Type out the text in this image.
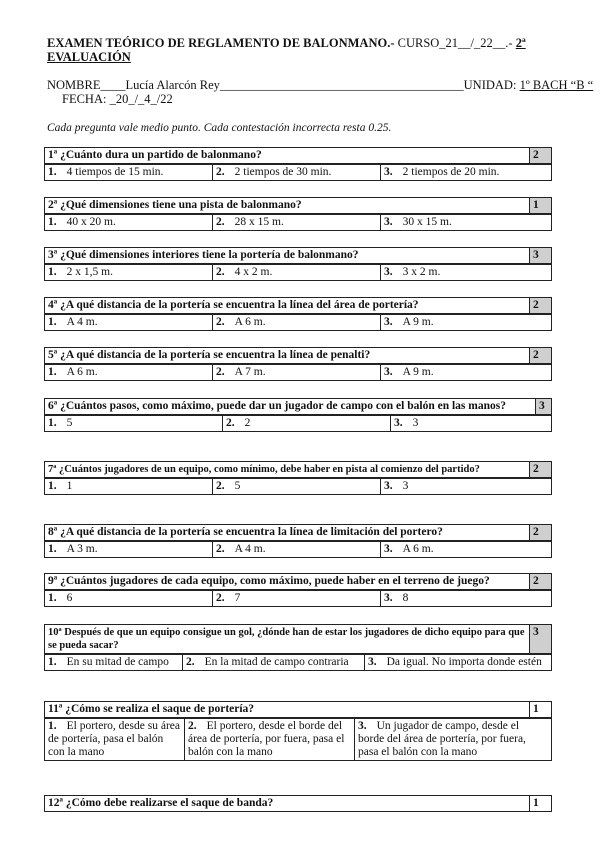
EXAMEN TEÓRICO DE REGLAMENTO DE BALONMANO.- CURSO_21__/_22__.- 2ª
EVALUACIÓN
NOMBRE____Lucía Alarcón Rey_______________________________________UNIDAD: 1º BACH “B “
FECHA: _20_/_4_/22
Cada pregunta vale medio punto. Cada contestación incorrecta resta 0.25.
1ª ¿Cuánto dura un partido de balonmano?			2
1. 4 tiempos de 15 min.	2. 2 tiempos de 30 min.	3. 2 tiempos de 20 min.	
2ª ¿Qué dimensiones tiene una pista de balonmano?			1
1. 40 x 20 m.	2. 28 x 15 m.	3. 30 x 15 m.	
3ª ¿Qué dimensiones interiores tiene la portería de balonmano?			3
1. 2 x 1,5 m.	2. 4 x 2 m.	3. 3 x 2 m.	
4ª ¿A qué distancia de la portería se encuentra la línea del área de portería?			2
1. A 4 m.	2. A 6 m.	3. A 9 m.	
5ª ¿A qué distancia de la portería se encuentra la línea de penalti?			2
1. A 6 m.	2. A 7 m.	3. A 9 m.	
6ª ¿Cuántos pasos, como máximo, puede dar un jugador de campo con el balón en las manos?			3
1. 5	2. 2	3. 3	
7ª ¿Cuántos jugadores de un equipo, como mínimo, debe haber en pista al comienzo del partido?			2
1. 1	2. 5	3. 3	
8ª ¿A qué distancia de la portería se encuentra la línea de limitación del portero?			2
1. A 3 m.	2. A 4 m.	3. A 6 m.	
9ª ¿Cuántos jugadores de cada equipo, como máximo, puede haber en el terreno de juego?			2
1. 6	2. 7	3. 8	
10ª Después de que un equipo consigue un gol, ¿dónde han de estar los jugadores de dicho equipo para que se pueda sacar?			3
1. En su mitad de campo	2. En la mitad de campo contraria	3. Da igual. No importa donde estén	
11ª ¿Cómo se realiza el saque de portería?			1
1. El portero, desde su área de portería, pasa el balón con la mano	2. El portero, desde el borde del área de portería, por fuera, pasa el balón con la mano	3. Un jugador de campo, desde el borde del área de portería, por fuera, pasa el balón con la mano	
12ª ¿Cómo debe realizarse el saque de banda?	1
